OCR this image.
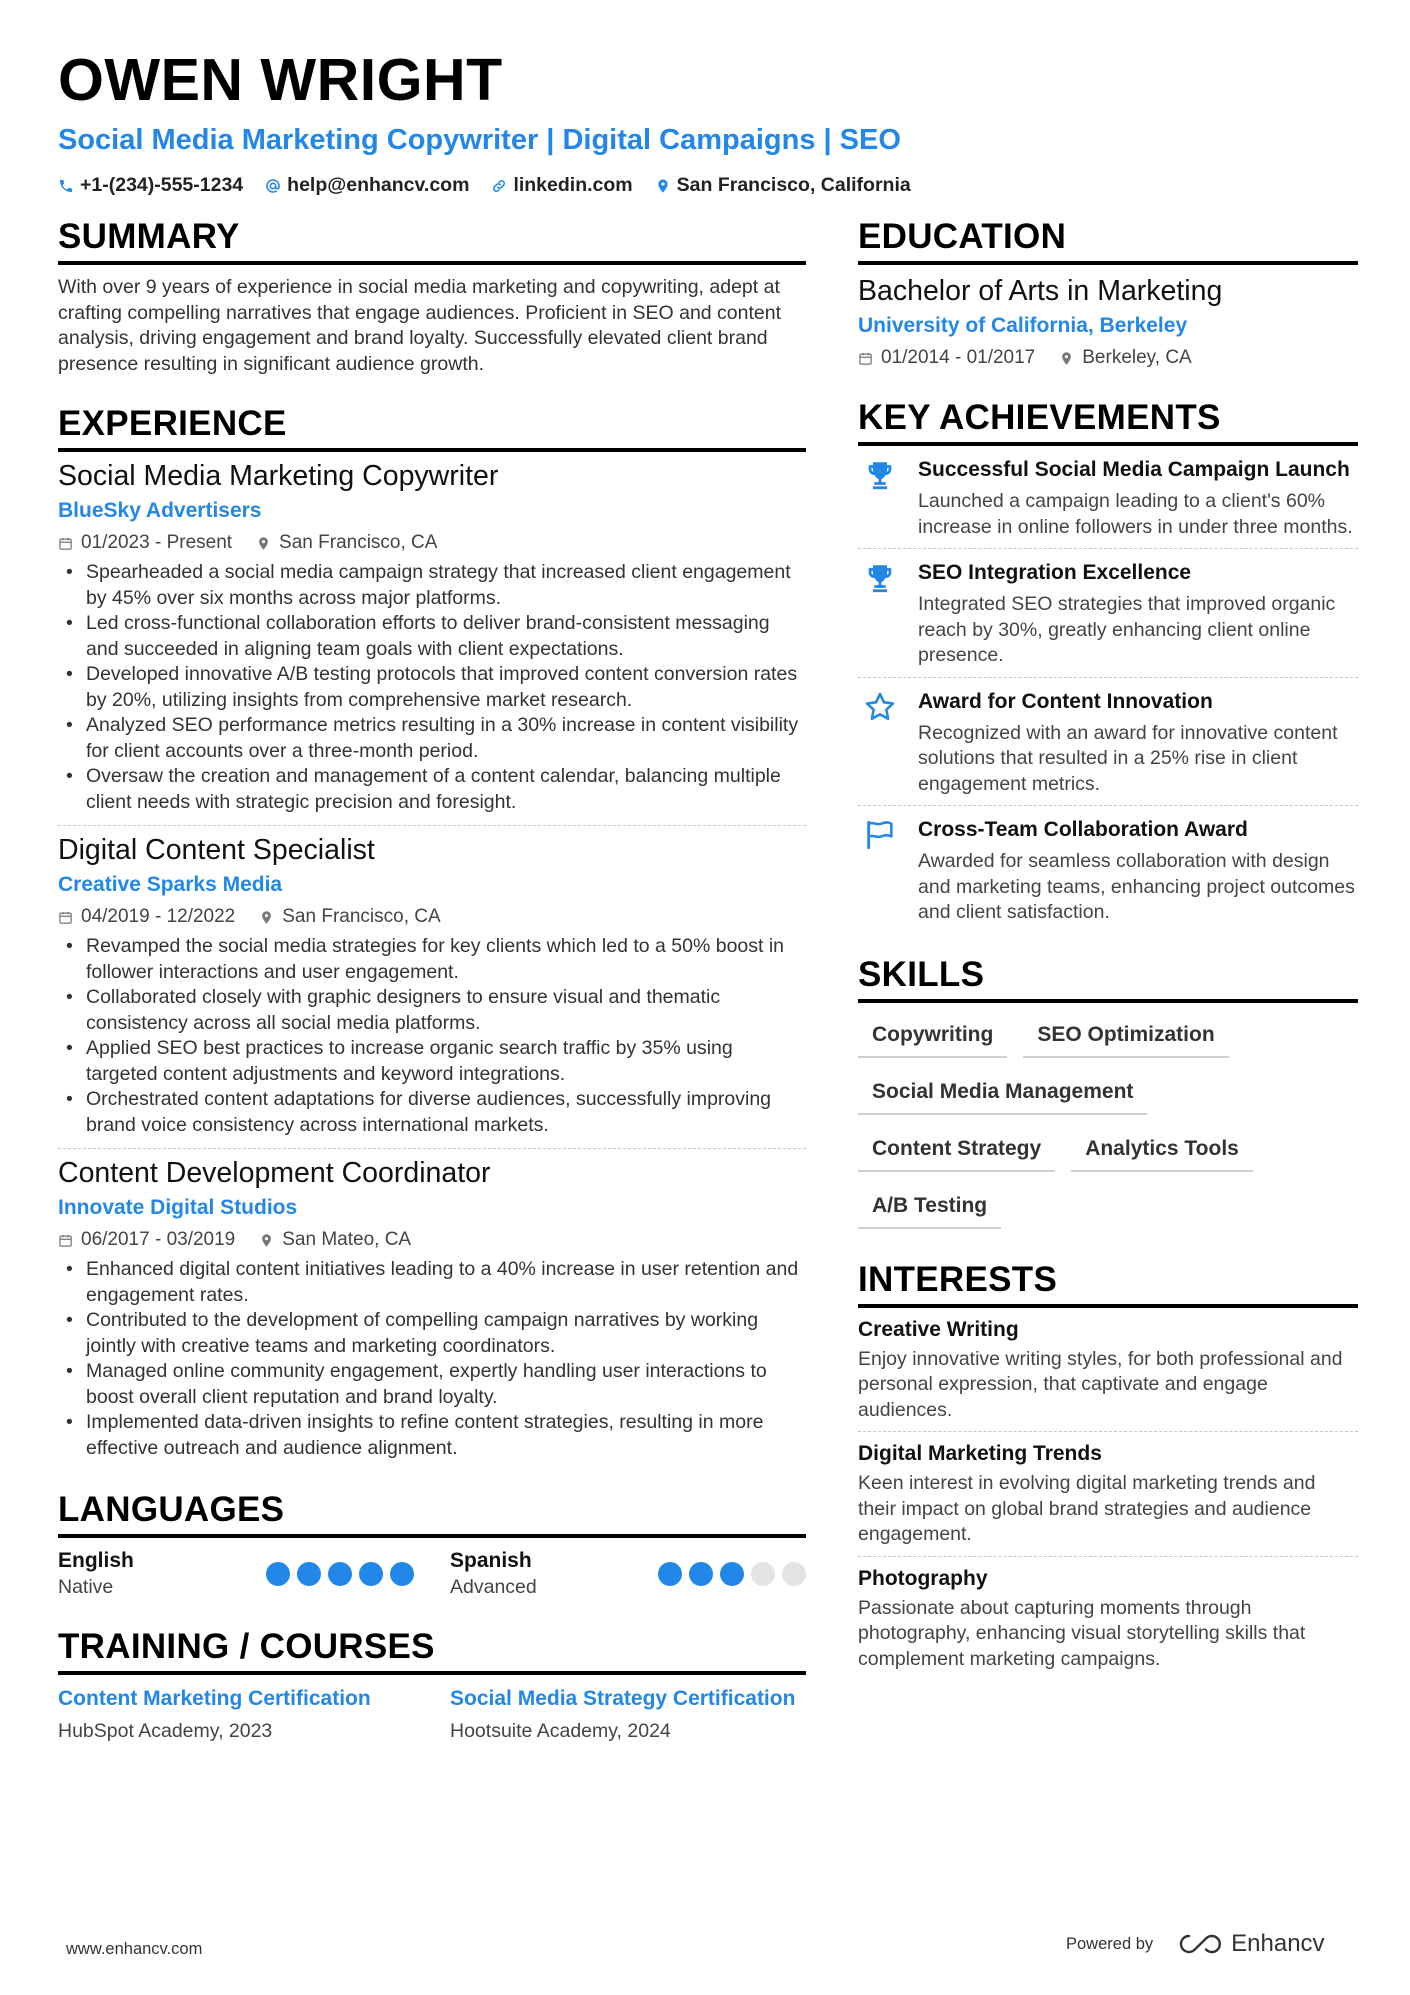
OWEN WRIGHT
Social Media Marketing Copywriter | Digital Campaigns | SEO
+1-(234)-555-1234 help@enhancv.com linkedin.com San Francisco, California
SUMMARY
With over 9 years of experience in social media marketing and copywriting, adept at crafting compelling narratives that engage audiences. Proficient in SEO and content analysis, driving engagement and brand loyalty. Successfully elevated client brand presence resulting in significant audience growth.
EXPERIENCE
Social Media Marketing Copywriter
BlueSky Advertisers
01/2023 - Present San Francisco, CA
• Spearheaded a social media campaign strategy that increased client engagement by 45% over six months across major platforms.
• Led cross-functional collaboration efforts to deliver brand-consistent messaging and succeeded in aligning team goals with client expectations.
• Developed innovative A/B testing protocols that improved content conversion rates by 20%, utilizing insights from comprehensive market research.
• Analyzed SEO performance metrics resulting in a 30% increase in content visibility for client accounts over a three-month period.
• Oversaw the creation and management of a content calendar, balancing multiple client needs with strategic precision and foresight.
Digital Content Specialist
Creative Sparks Media
04/2019 - 12/2022 San Francisco, CA
• Revamped the social media strategies for key clients which led to a 50% boost in follower interactions and user engagement.
• Collaborated closely with graphic designers to ensure visual and thematic consistency across all social media platforms.
• Applied SEO best practices to increase organic search traffic by 35% using targeted content adjustments and keyword integrations.
• Orchestrated content adaptations for diverse audiences, successfully improving brand voice consistency across international markets.
Content Development Coordinator
Innovate Digital Studios
06/2017 - 03/2019 San Mateo, CA
• Enhanced digital content initiatives leading to a 40% increase in user retention and engagement rates.
• Contributed to the development of compelling campaign narratives by working jointly with creative teams and marketing coordinators.
• Managed online community engagement, expertly handling user interactions to boost overall client reputation and brand loyalty.
• Implemented data-driven insights to refine content strategies, resulting in more effective outreach and audience alignment.
LANGUAGES
English
Native
Spanish
Advanced
TRAINING / COURSES
Content Marketing Certification
HubSpot Academy, 2023
Social Media Strategy Certification
Hootsuite Academy, 2024
EDUCATION
Bachelor of Arts in Marketing
University of California, Berkeley
01/2014 - 01/2017 Berkeley, CA
KEY ACHIEVEMENTS
Successful Social Media Campaign Launch
Launched a campaign leading to a client's 60% increase in online followers in under three months.
SEO Integration Excellence
Integrated SEO strategies that improved organic reach by 30%, greatly enhancing client online presence.
Award for Content Innovation
Recognized with an award for innovative content solutions that resulted in a 25% rise in client engagement metrics.
Cross-Team Collaboration Award
Awarded for seamless collaboration with design and marketing teams, enhancing project outcomes and client satisfaction.
SKILLS
Copywriting	SEO Optimization
Social Media Management
Content Strategy	Analytics Tools
A/B Testing
INTERESTS
Creative Writing
Enjoy innovative writing styles, for both professional and personal expression, that captivate and engage audiences.
Digital Marketing Trends
Keen interest in evolving digital marketing trends and their impact on global brand strategies and audience engagement.
Photography
Passionate about capturing moments through photography, enhancing visual storytelling skills that complement marketing campaigns.
www.enhancv.com	Powered by	Enhancv
